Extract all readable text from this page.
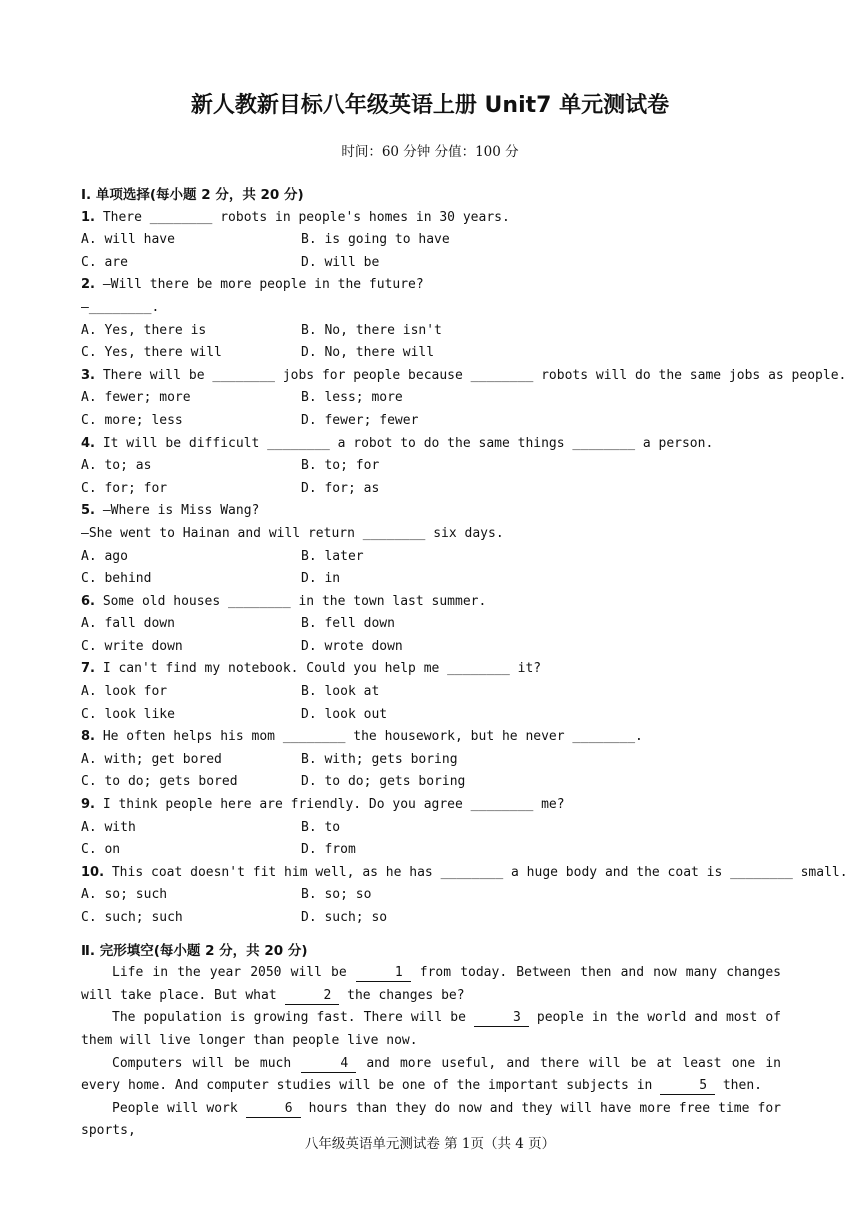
新人教新目标八年级英语上册 Unit7 单元测试卷
时间：60 分钟 分值：100 分
Ⅰ. 单项选择(每小题 2 分，共 20 分)
1. There ________ robots in people's homes in 30 years.
A. will have	B. is going to have
C. are	D. will be
2. —Will there be more people in the future?
—________.
A. Yes, there is	B. No, there isn't
C. Yes, there will	D. No, there will
3. There will be ________ jobs for people because ________ robots will do the same jobs as people.
A. fewer; more	B. less; more
C. more; less	D. fewer; fewer
4. It will be difficult ________ a robot to do the same things ________ a person.
A. to; as	B. to; for
C. for; for	D. for; as
5. —Where is Miss Wang?
—She went to Hainan and will return ________ six days.
A. ago	B. later
C. behind	D. in
6. Some old houses ________ in the town last summer.
A. fall down	B. fell down
C. write down	D. wrote down
7. I can't find my notebook. Could you help me ________ it?
A. look for	B. look at
C. look like	D. look out
8. He often helps his mom ________ the housework, but he never ________.
A. with; get bored	B. with; gets boring
C. to do; gets bored	D. to do; gets boring
9. I think people here are friendly. Do you agree ________ me?
A. with	B. to
C. on	D. from
10. This coat doesn't fit him well, as he has ________ a huge body and the coat is ________ small.
A. so; such	B. so; so
C. such; such	D. such; so
Ⅱ. 完形填空(每小题 2 分，共 20 分)
Life in the year 2050 will be	1 from today. Between then and now many changes will take place. But what	2 the changes be?
The population is growing fast. There will be	3 people in the world and most of them will live longer than people live now.
Computers will be much	4 and more useful, and there will be at least one in every home. And computer studies will be one of the important subjects in	5 then.
People will work	6 hours than they do now and they will have more free time for sports,
八年级英语单元测试卷 第 1页（共 4 页）
